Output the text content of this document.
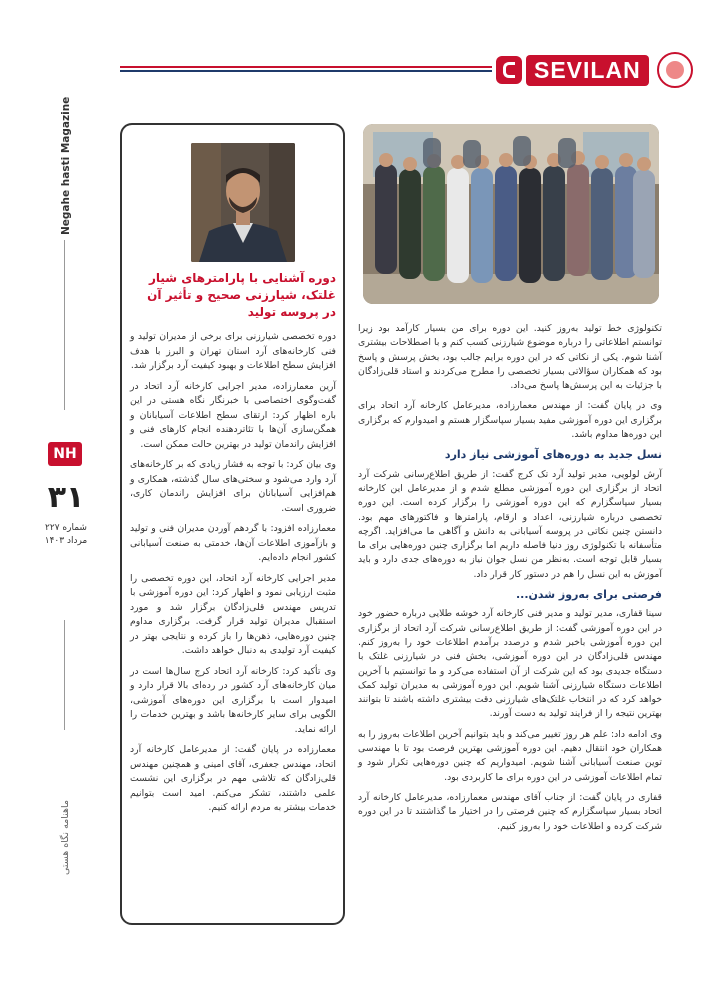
SEVILAN
Negahe hasti Magazine
NH
۳۱
شماره ۲۲۷
مرداد ۱۴۰۳
ماهنامه نگاه هستی
دوره آشنایی با پارامترهای شیار غلتک، شیارزنی صحیح و تأثیر آن در پروسه تولید

دوره تخصصی شیارزنی برای برخی از مدیران تولید و فنی کارخانه‌های آرد استان تهران و البرز با هدف افزایش سطح اطلاعات و بهبود کیفیت آرد برگزار شد.

آرین معمارزاده، مدیر اجرایی کارخانه آرد اتحاد در گفت‌وگوی اختصاصی با خبرنگار نگاه هستی در این باره اظهار کرد: ارتقای سطح اطلاعات آسیابانان و همگن‌سازی آن‌ها با تئاتر‌دهنده انجام کارهای فنی و افزایش راندمان تولید در بهترین حالت ممکن است.

وی بیان کرد: با توجه به فشار زیادی که بر کارخانه‌های آرد وارد می‌شود و سختی‌های سال گذشته، همکاری و هم‌افزایی آسیابانان برای افزایش راندمان کاری، ضروری است.

معمارزاده افزود: با گردهم آوردن مدیران فنی و تولید و بازآموزی اطلاعات آن‌ها، خدمتی به صنعت آسیابانی کشور انجام داده‌ایم.

مدیر اجرایی کارخانه آرد اتحاد، این دوره تخصصی را مثبت ارزیابی نمود و اظهار کرد: این دوره آموزشی با تدریس مهندس قلی‌زادگان برگزار شد و مورد استقبال مدیران تولید قرار گرفت. برگزاری مداوم چنین دوره‌هایی، ذهن‌ها را باز کرده و نتایجی بهتر در کیفیت آرد تولیدی به دنبال خواهد داشت.

وی تأکید کرد: کارخانه آرد اتحاد کرج سال‌ها است در میان کارخانه‌های آرد کشور در رده‌ای بالا قرار دارد و امیدوار است با برگزاری این دوره‌های آموزشی، الگویی برای سایر کارخانه‌ها باشد و بهترین خدمات را ارائه نماید.

معمارزاده در پایان گفت: از مدیرعامل کارخانه آرد اتحاد، مهندس جعفری، آقای امینی و همچنین مهندس قلی‌زادگان که تلاشی مهم در برگزاری این نشست علمی داشتند، تشکر می‌کنم. امید است بتوانیم خدمات بیشتر به مردم ارائه کنیم.

تکنولوژی خط تولید به‌روز کنید. این دوره برای من بسیار کارآمد بود زیرا توانستم اطلاعاتی را درباره موضوع شیارزنی کسب کنم و با اصطلاحات بیشتری آشنا شوم. یکی از نکاتی که در این دوره برایم جالب بود، بخش پرسش و پاسخ بود که همکاران سؤالاتی بسیار تخصصی را مطرح می‌کردند و استاد قلی‌زادگان با جزئیات به این پرسش‌ها پاسخ می‌داد.

وی در پایان گفت: از مهندس معمارزاده، مدیرعامل کارخانه آرد اتحاد برای برگزاری این دوره آموزشی مفید بسیار سپاسگزار هستم و امیدوارم که برگزاری این دوره‌ها مداوم باشد.

نسل جدید به دوره‌های آموزشی نیاز دارد

آرش لولویی، مدیر تولید آرد تک کرج گفت: از طریق اطلاع‌رسانی شرکت آرد اتحاد از برگزاری این دوره آموزشی مطلع شدم و از مدیرعامل این کارخانه بسیار سپاسگزارم که این دوره آموزشی را برگزار کرده است. این دوره تخصصی درباره شیارزنی، اعداد و ارقام، پارامترها و فاکتورهای مهم بود. دانستن چنین نکاتی در پروسه آسیابانی به دانش و آگاهی ما می‌افزاید. اگرچه متأسفانه با تکنولوژی روز دنیا فاصله داریم اما برگزاری چنین دوره‌هایی برای ما بسیار قابل توجه است. به‌نظر من نسل جوان نیاز به دوره‌های جدی دارد و باید آموزش به این نسل را هم در دستور کار قرار داد.

فرصتی برای به‌روز شدن...

سینا قفاری، مدیر تولید و مدیر فنی کارخانه آرد خوشه طلایی درباره حضور خود در این دوره آموزشی گفت: از طریق اطلاع‌رسانی شرکت آرد اتحاد از برگزاری این دوره آموزشی باخبر شدم و درصدد برآمدم اطلاعات خود را به‌روز کنم. مهندس قلی‌زادگان در این دوره آموزشی، بخش فنی در شیارزنی غلتک با دستگاه جدیدی بود که این شرکت از آن استفاده می‌کرد و ما توانستیم با آخرین اطلاعات دستگاه شیارزنی آشنا شویم. این دوره آموزشی به مدیران تولید کمک خواهد کرد که در انتخاب غلتک‌های شیارزنی دقت بیشتری داشته باشند تا بتوانند بهترین نتیجه را از فرایند تولید به دست آورند.

وی ادامه داد: علم هر روز تغییر می‌کند و باید بتوانیم آخرین اطلاعات به‌روز را به همکاران خود انتقال دهیم. این دوره آموزشی بهترین فرصت بود تا با مهندسی توین صنعت آسیابانی آشنا شویم. امیدواریم که چنین دوره‌هایی تکرار شود و تمام اطلاعات آموزشی در این دوره برای ما کاربردی بود.

قفاری در پایان گفت: از جناب آقای مهندس معمارزاده، مدیرعامل کارخانه آرد اتحاد بسیار سپاسگزارم که چنین فرصتی را در اختیار ما گذاشتند تا در این دوره شرکت کرده و اطلاعات خود را به‌روز کنیم.
